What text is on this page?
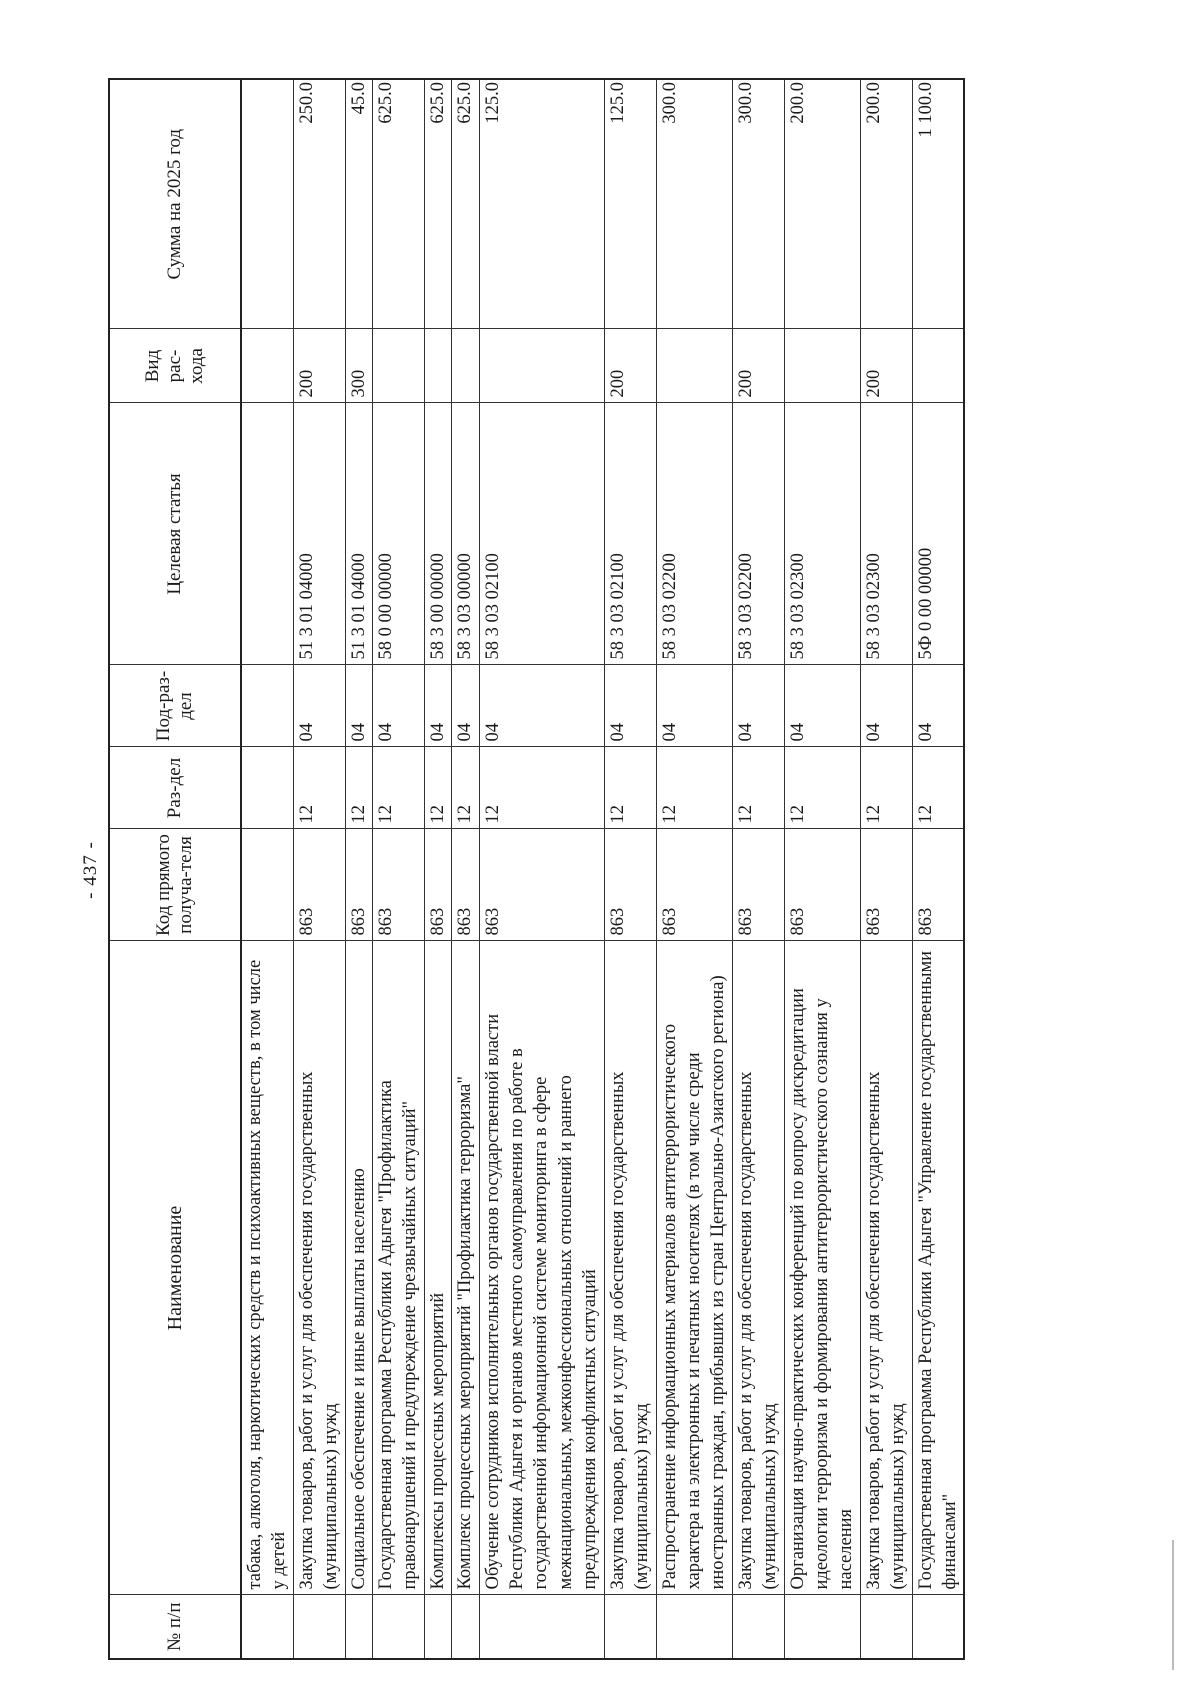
- 437 -
№ п/п	Наименование	Код прямого получа-теля	Раз-дел	Под-раз-дел	Целевая статья	Вид рас-хода	Сумма на 2025 год
	табака, алкоголя, наркотических средств и психоактивных веществ, в том числе у детей						
	Закупка товаров, работ и услуг для обеспечения государственных (муниципальных) нужд	863	12	04	51 3 01 04000	200	250.0
	Социальное обеспечение и иные выплаты населению	863	12	04	51 3 01 04000	300	45.0
	Государственная программа Республики Адыгея "Профилактика правонарушений и предупреждение чрезвычайных ситуаций"	863	12	04	58 0 00 00000		625.0
	Комплексы процессных мероприятий	863	12	04	58 3 00 00000		625.0
	Комплекс процессных мероприятий "Профилактика терроризма"	863	12	04	58 3 03 00000		625.0
	Обучение сотрудников исполнительных органов государственной власти Республики Адыгея и органов местного самоуправления по работе в государственной информационной системе мониторинга в сфере межнациональных, межконфессиональных отношений и раннего предупреждения конфликтных ситуаций	863	12	04	58 3 03 02100		125.0
	Закупка товаров, работ и услуг для обеспечения государственных (муниципальных) нужд	863	12	04	58 3 03 02100	200	125.0
	Распространение информационных материалов антитеррористического характера на электронных и печатных носителях (в том числе среди иностранных граждан, прибывших из стран Центрально-Азиатского региона)	863	12	04	58 3 03 02200		300.0
	Закупка товаров, работ и услуг для обеспечения государственных (муниципальных) нужд	863	12	04	58 3 03 02200	200	300.0
	Организация научно-практических конференций по вопросу дискредитации идеологии терроризма и формирования антитеррористического сознания у населения	863	12	04	58 3 03 02300		200.0
	Закупка товаров, работ и услуг для обеспечения государственных (муниципальных) нужд	863	12	04	58 3 03 02300	200	200.0
	Государственная программа Республики Адыгея "Управление государственными финансами"	863	12	04	5Ф 0 00 00000		1 100.0
